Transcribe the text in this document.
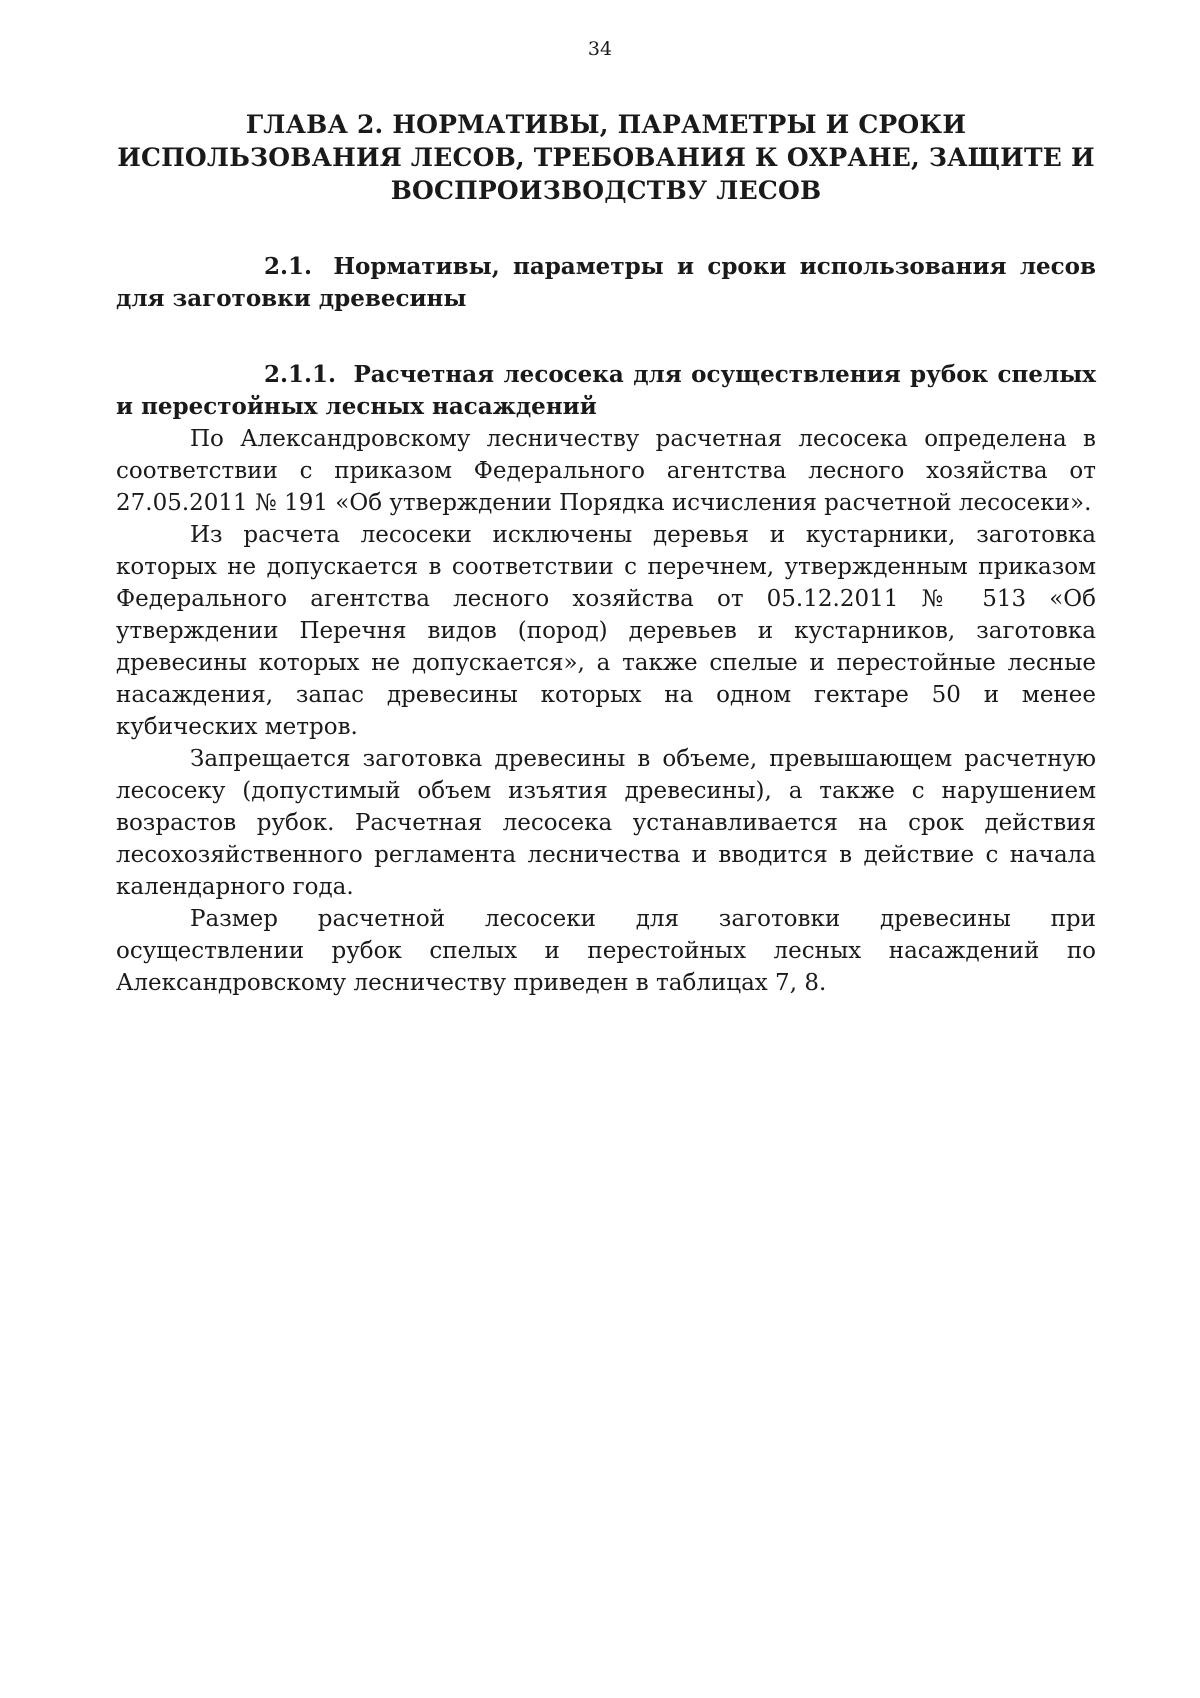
34
ГЛАВА 2. НОРМАТИВЫ, ПАРАМЕТРЫ И СРОКИ ИСПОЛЬЗОВАНИЯ ЛЕСОВ, ТРЕБОВАНИЯ К ОХРАНЕ, ЗАЩИТЕ И ВОСПРОИЗВОДСТВУ ЛЕСОВ
2.1. Нормативы, параметры и сроки использования лесов для заготовки древесины
2.1.1. Расчетная лесосека для осуществления рубок спелых и перестойных лесных насаждений

По Александровскому лесничеству расчетная лесосека определена в соответствии с приказом Федерального агентства лесного хозяйства от 27.05.2011 № 191 «Об утверждении Порядка исчисления расчетной лесосеки».

Из расчета лесосеки исключены деревья и кустарники, заготовка которых не допускается в соответствии с перечнем, утвержденным приказом Федерального агентства лесного хозяйства от 05.12.2011 № 513 «Об утверждении Перечня видов (пород) деревьев и кустарников, заготовка древесины которых не допускается», а также спелые и перестойные лесные насаждения, запас древесины которых на одном гектаре 50 и менее кубических метров.

Запрещается заготовка древесины в объеме, превышающем расчетную лесосеку (допустимый объем изъятия древесины), а также с нарушением возрастов рубок. Расчетная лесосека устанавливается на срок действия лесохозяйственного регламента лесничества и вводится в действие с начала календарного года.

Размер расчетной лесосеки для заготовки древесины при осуществлении рубок спелых и перестойных лесных насаждений по Александровскому лесничеству приведен в таблицах 7, 8.
